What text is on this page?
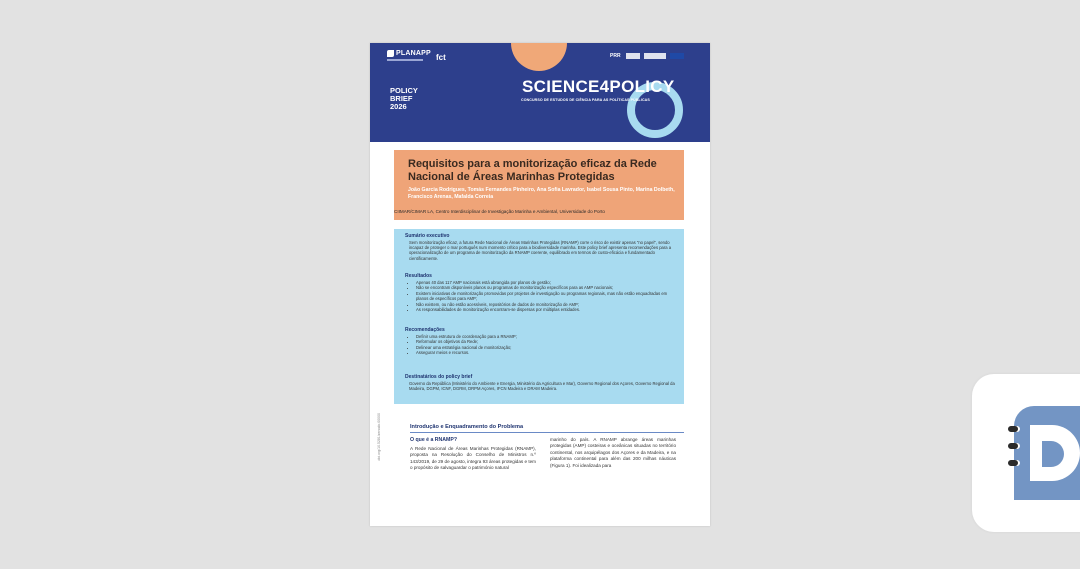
PLANAPP fct	PRR
POLICY
BRIEF
2026
SCIENCE4POLICY
CONCURSO DE ESTUDOS DE CIÊNCIA PARA AS POLÍTICAS PÚBLICAS
Requisitos para a monitorização eficaz da Rede Nacional de Áreas Marinhas Protegidas
João Garcia Rodrigues, Tomás Fernandes Pinheiro, Ana Sofia Lavrador, Isabel Sousa Pinto, Marina Dolbeth, Francisco Arenas, Mafalda Correia
CIIMAR/CIMAR LA, Centro Interdisciplinar de Investigação Marinha e Ambiental, Universidade do Porto
Sumário executivo
Sem monitorização eficaz, a futura Rede Nacional de Áreas Marinhas Protegidas (RNAMP) corre o risco de existir apenas "no papel", sendo incapaz de proteger o mar português num momento crítico para a biodiversidade marinha. Este policy brief apresenta recomendações para a operacionalização de um programa de monitorização da RNAMP coerente, equilibrado em termos de custo-eficácia e fundamentado cientificamente.
Resultados
• Apenas 40 das 117 AMP nacionais está abrangida por planos de gestão;
• Não se encontram disponíveis planos ou programas de monitorização específicos para as AMP nacionais;
• Existem iniciativas de monitorização promovidas por projetos de investigação ou programas regionais, mas não estão enquadradas em planos de específicos para AMP;
• Não existem, ou não estão acessíveis, repositórios de dados de monitorização de AMP;
• As responsabilidades de monitorização encontram-se dispersas por múltiplas entidades.
Recomendações
• Definir uma estrutura de coordenação para a RNAMP;
• Reformular os objetivos da Rede;
• Delinear uma estratégia nacional de monitorização;
• Assegurar meios e recursos.
Destinatários do policy brief
Governo da República (Ministério do Ambiente e Energia, Ministério da Agricultura e Mar), Governo Regional dos Açores, Governo Regional da Madeira, DGPM, ICNF, DGRM, DRPM Açores, IFCN Madeira e DRAM Madeira.
doi.org/10.5281/zenodo.00000	Introdução e Enquadramento do Problema
O que é a RNAMP?
A Rede Nacional de Áreas Marinhas Protegidas (RNAMP), proposta na Resolução do Conselho de Ministros n.º 143/2019, de 29 de agosto, integra 93 áreas protegidas e tem o propósito de salvaguardar o património natural
marinho do país. A RNAMP abrange áreas marinhas protegidas (AMP) costeiras e oceânicas situadas no território continental, nos arquipélagos dos Açores e da Madeira, e na plataforma continental para além das 200 milhas náuticas (Figura 1). Foi idealizada para
